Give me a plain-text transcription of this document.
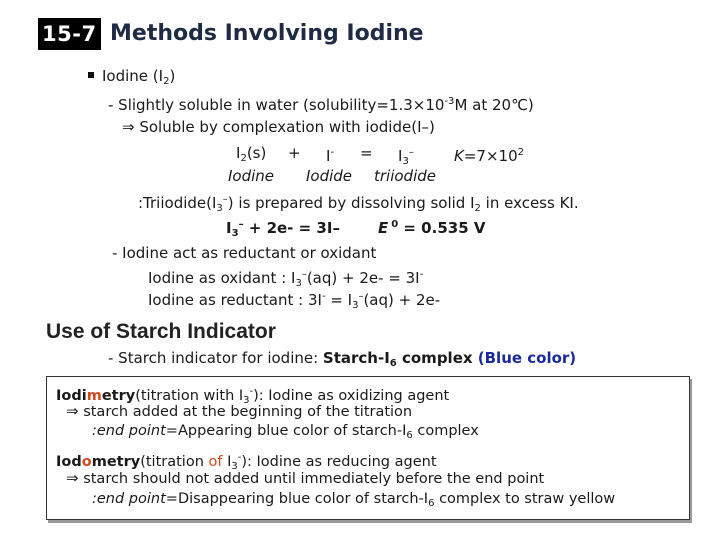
15-7 Methods Involving Iodine
Iodine $(I_2)$
- Slightly soluble in water ($solubility=1.3\times 10^{-3}M$ at 20℃)
⇒ Soluble by complexation with iodide(I–)
$I_2(s) + I^- = I_3^-$	$K=7\times 10^2$
Iodine Iodide triiodide
$:Triiodide(I_3^-)$ is prepared by dissolving solid $I_2$ in excess KI.
$I_3^- + 2e- = 3I-$	E $^0$ = 0.535 V
- Iodine act as reductant or oxidant
Iodine as oxidant : $I_3^-(aq) + 2e- = 3I^-$
Iodine as reductant : $3I^- = I_3^-(aq) + 2e-$
Use of Starch Indicator
- Starch indicator for iodine: Starch-$I_6$ complex (Blue color)
Iodimetry(titration with $I_3^-$): Iodine as oxidizing agent
⇒ starch added at the beginning of the titration
:end point=Appearing blue color of starch-$I_6$ complex
Iodometry(titration of $I_3^-$): Iodine as reducing agent
⇒ starch should not added until immediately before the end point
:end point=Disappearing blue color of starch-$I_6$ complex to straw yellow
